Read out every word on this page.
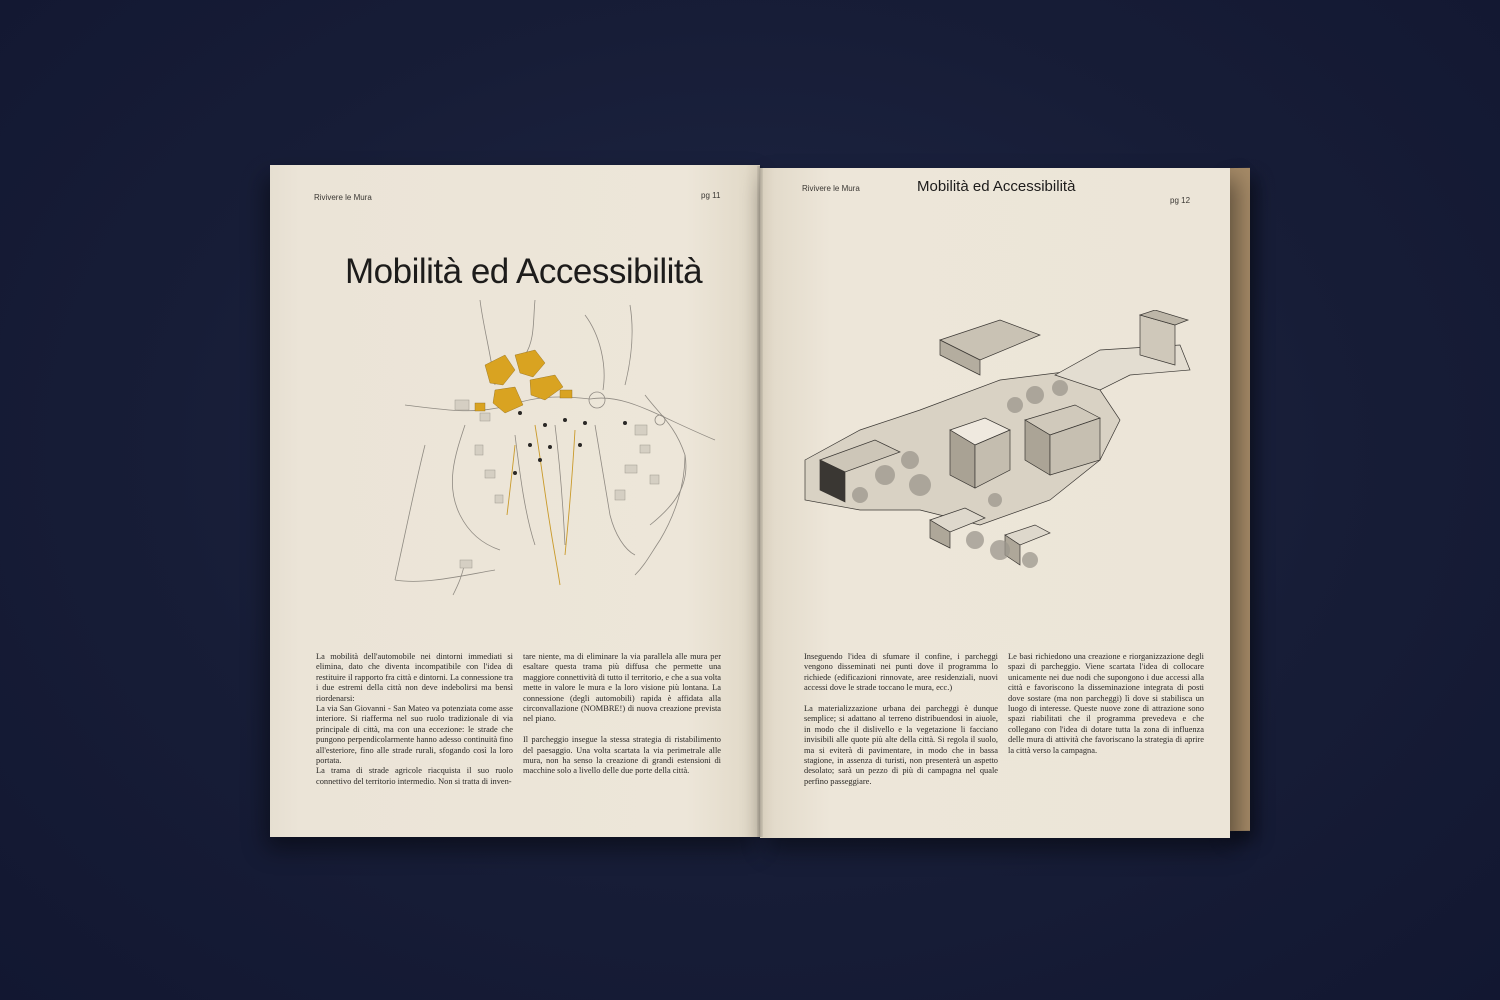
Rivivere le Mura	pg 11
Mobilità ed Accessibilità
La mobilità dell'automobile nei dintorni immediati si elimina, dato che diventa incompatibile con l'idea di restituire il rapporto fra città e dintorni. La connessione tra i due estremi della città non deve indebolirsi ma bensì riordenarsi:
La via San Giovanni - San Mateo va potenziata come asse interiore. Si riafferma nel suo ruolo tradizionale di via principale di città, ma con una eccezione: le strade che pungono perpendicolarmente hanno adesso continuità fino all'esteriore, fino alle strade rurali, sfogando così la loro portata.
La trama di strade agricole riacquista il suo ruolo connettivo del territorio intermedio. Non si tratta di inven-
tare niente, ma di eliminare la via parallela alle mura per esaltare questa trama più diffusa che permette una maggiore connettività di tutto il territorio, e che a sua volta mette in valore le mura e la loro visione più lontana. La connessione (degli automobili) rapida è affidata alla circonvallazione (NOMBRE!) di nuova creazione prevista nel piano.

Il parcheggio insegue la stessa strategia di ristabilimento del paesaggio. Una volta scartata la via perimetrale alle mura, non ha senso la creazione di grandi estensioni di macchine solo a livello delle due porte della città.
Rivivere le Mura	Mobilità ed Accessibilità
pg 12
Inseguendo l'idea di sfumare il confine, i parcheggi vengono disseminati nei punti dove il programma lo richiede (edificazioni rinnovate, aree residenziali, nuovi accessi dove le strade toccano le mura, ecc.)

La materializzazione urbana dei parcheggi è dunque semplice; si adattano al terreno distribuendosi in aiuole, in modo che il dislivello e la vegetazione li facciano invisibili alle quote più alte della città. Si regola il suolo, ma si eviterà di pavimentare, in modo che in bassa stagione, in assenza di turisti, non presenterà un aspetto desolato; sarà un pezzo di più di campagna nel quale perfino passeggiare.
Le basi richiedono una creazione e riorganizzazione degli spazi di parcheggio. Viene scartata l'idea di collocare unicamente nei due nodi che supongono i due accessi alla città e favoriscono la disseminazione integrata di posti dove sostare (ma non parcheggi) lì dove si stabilisca un luogo di interesse. Queste nuove zone di attrazione sono spazi riabilitati che il programma prevedeva e che collegano con l'idea di dotare tutta la zona di influenza delle mura di attività che favoriscano la strategia di aprire la città verso la campagna.
